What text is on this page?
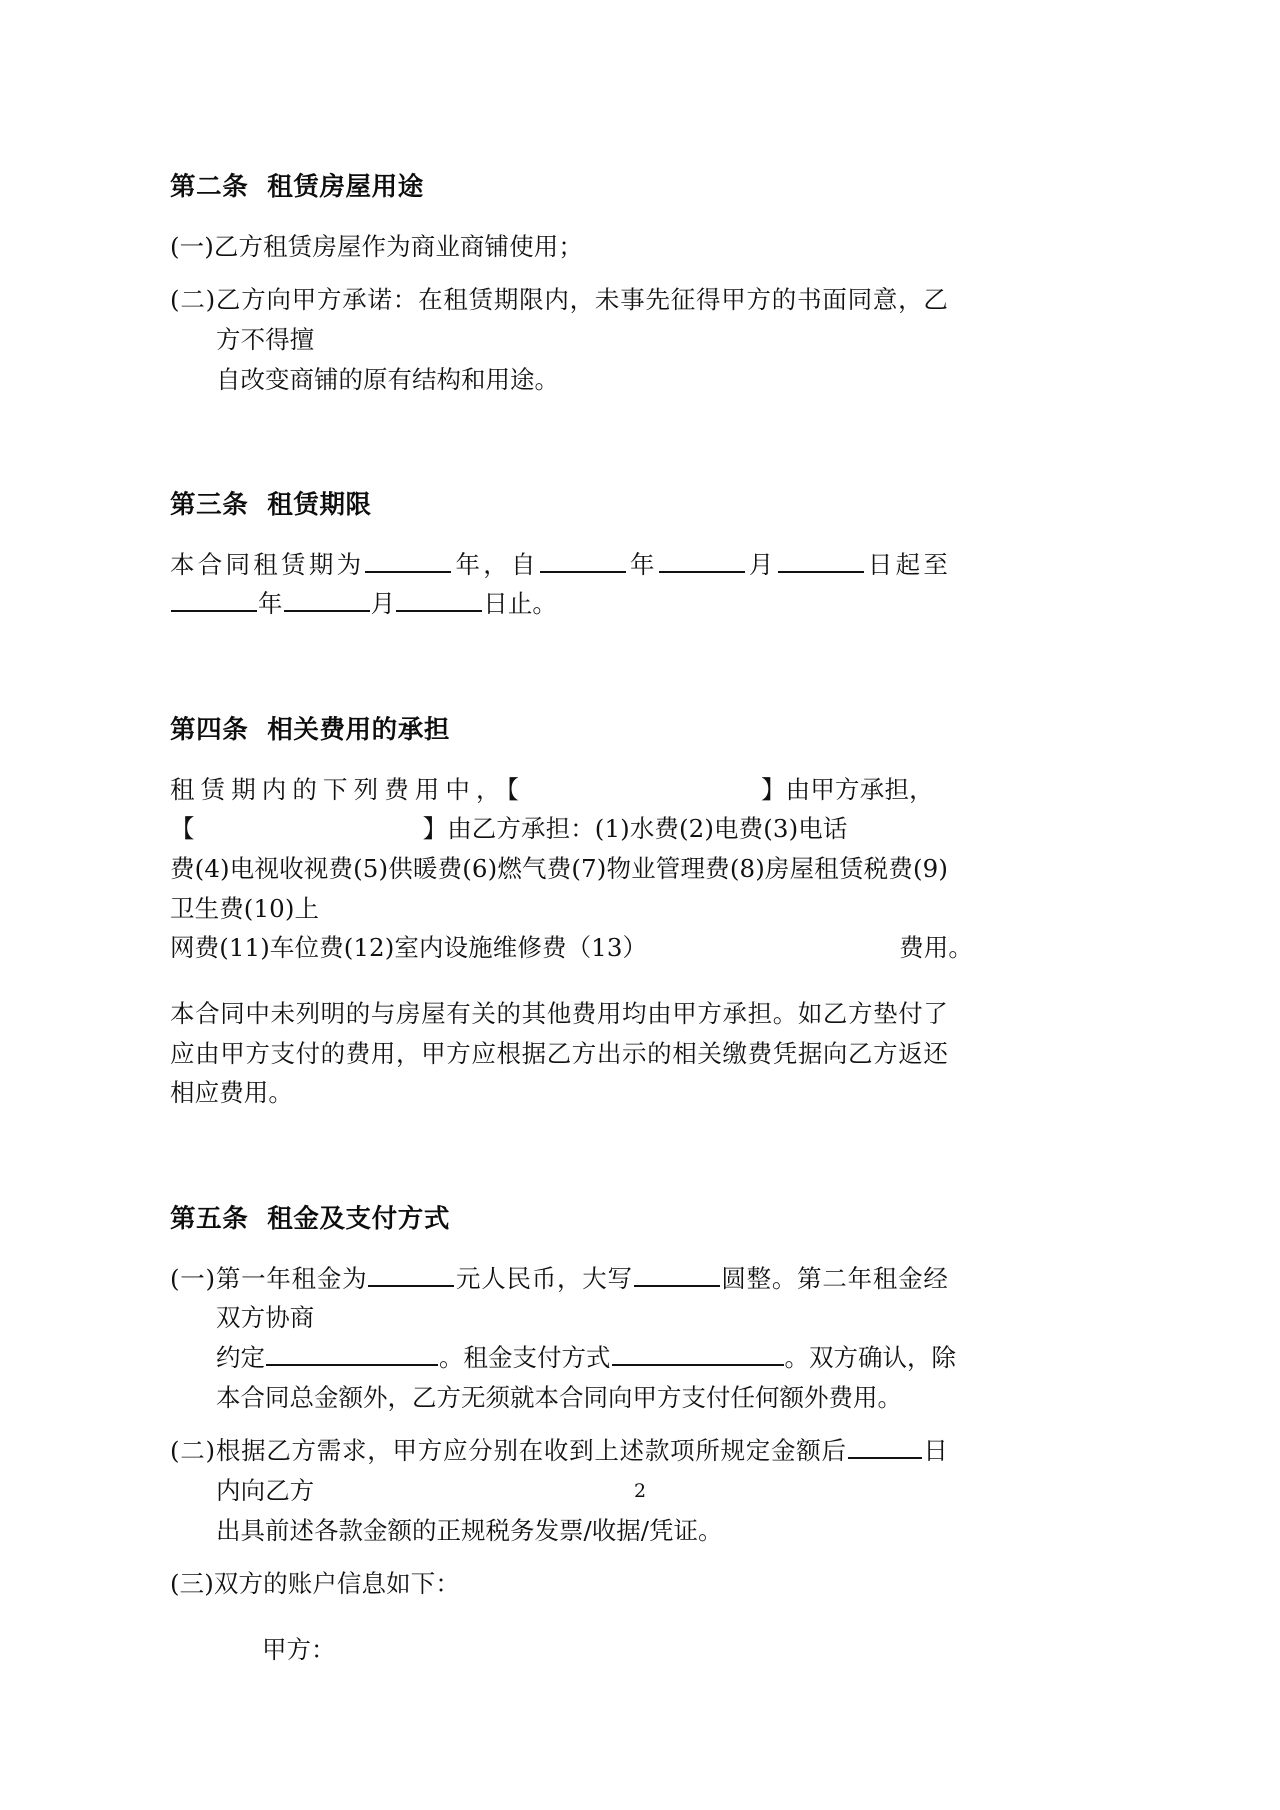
第二条  租赁房屋用途
(一)乙方租赁房屋作为商业商铺使用；
(二)乙方向甲方承诺：在租赁期限内，未事先征得甲方的书面同意，乙方不得擅
自改变商铺的原有结构和用途。
第三条  租赁期限
本合同租赁期为	年，自	年	月	日起至年	月	日止。
第四条  相关费用的承担
租赁期内的下列费用中，【	】由甲方承担，
【	】由乙方承担：(1)水费(2)电费(3)电话
费(4)电视收视费(5)供暖费(6)燃气费(7)物业管理费(8)房屋租赁税费(9)卫生费(10)上
网费(11)车位费(12)室内设施维修费（13）	费用。
本合同中未列明的与房屋有关的其他费用均由甲方承担。如乙方垫付了应由甲方支付的费用，甲方应根据乙方出示的相关缴费凭据向乙方返还相应费用。
第五条  租金及支付方式
(一)第一年租金为	元人民币，大写	圆整。第二年租金经双方协商
约定	。租金支付方式	。双方确认，除
本合同总金额外，乙方无须就本合同向甲方支付任何额外费用。
(二)根据乙方需求，甲方应分别在收到上述款项所规定金额后	日内向乙方
出具前述各款金额的正规税务发票/收据/凭证。
(三)双方的账户信息如下：
甲方：
2
